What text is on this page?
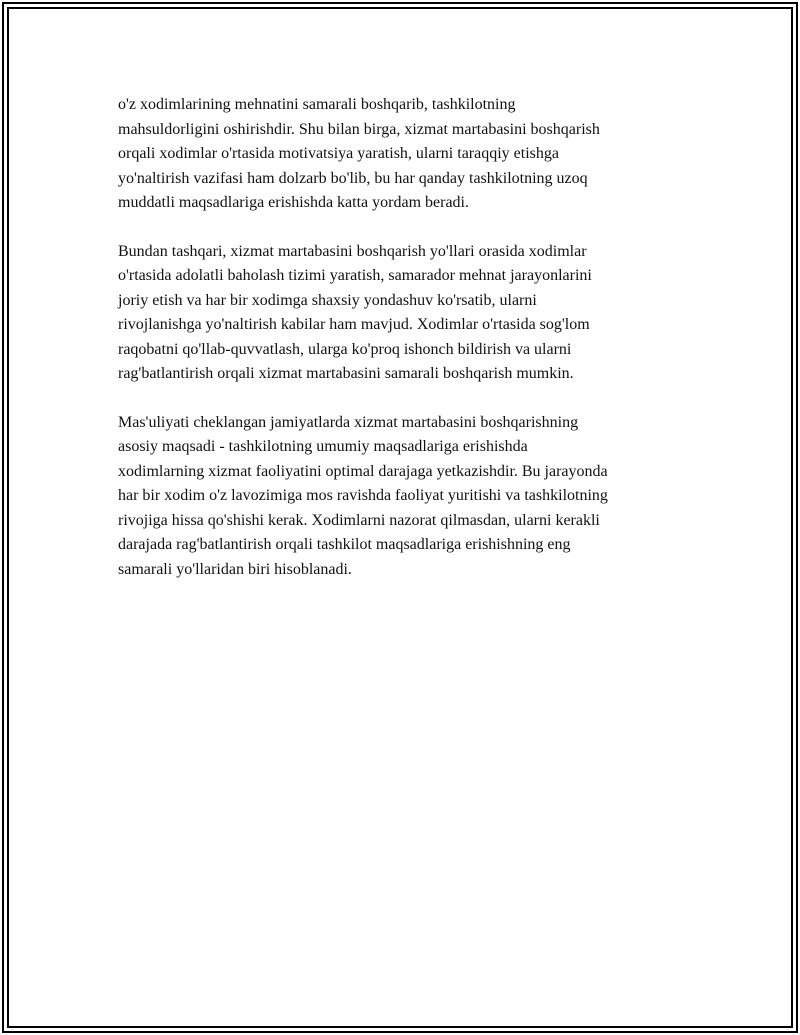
o'z xodimlarining mehnatini samarali boshqarib, tashkilotning
mahsuldorligini oshirishdir. Shu bilan birga, xizmat martabasini boshqarish
orqali xodimlar o'rtasida motivatsiya yaratish, ularni taraqqiy etishga
yo'naltirish vazifasi ham dolzarb bo'lib, bu har qanday tashkilotning uzoq
muddatli maqsadlariga erishishda katta yordam beradi.

Bundan tashqari, xizmat martabasini boshqarish yo'llari orasida xodimlar
o'rtasida adolatli baholash tizimi yaratish, samarador mehnat jarayonlarini
joriy etish va har bir xodimga shaxsiy yondashuv ko'rsatib, ularni
rivojlanishga yo'naltirish kabilar ham mavjud. Xodimlar o'rtasida sog'lom
raqobatni qo'llab-quvvatlash, ularga ko'proq ishonch bildirish va ularni
rag'batlantirish orqali xizmat martabasini samarali boshqarish mumkin.

Mas'uliyati cheklangan jamiyatlarda xizmat martabasini boshqarishning
asosiy maqsadi - tashkilotning umumiy maqsadlariga erishishda
xodimlarning xizmat faoliyatini optimal darajaga yetkazishdir. Bu jarayonda
har bir xodim o'z lavozimiga mos ravishda faoliyat yuritishi va tashkilotning
rivojiga hissa qo'shishi kerak. Xodimlarni nazorat qilmasdan, ularni kerakli
darajada rag'batlantirish orqali tashkilot maqsadlariga erishishning eng
samarali yo'llaridan biri hisoblanadi.
